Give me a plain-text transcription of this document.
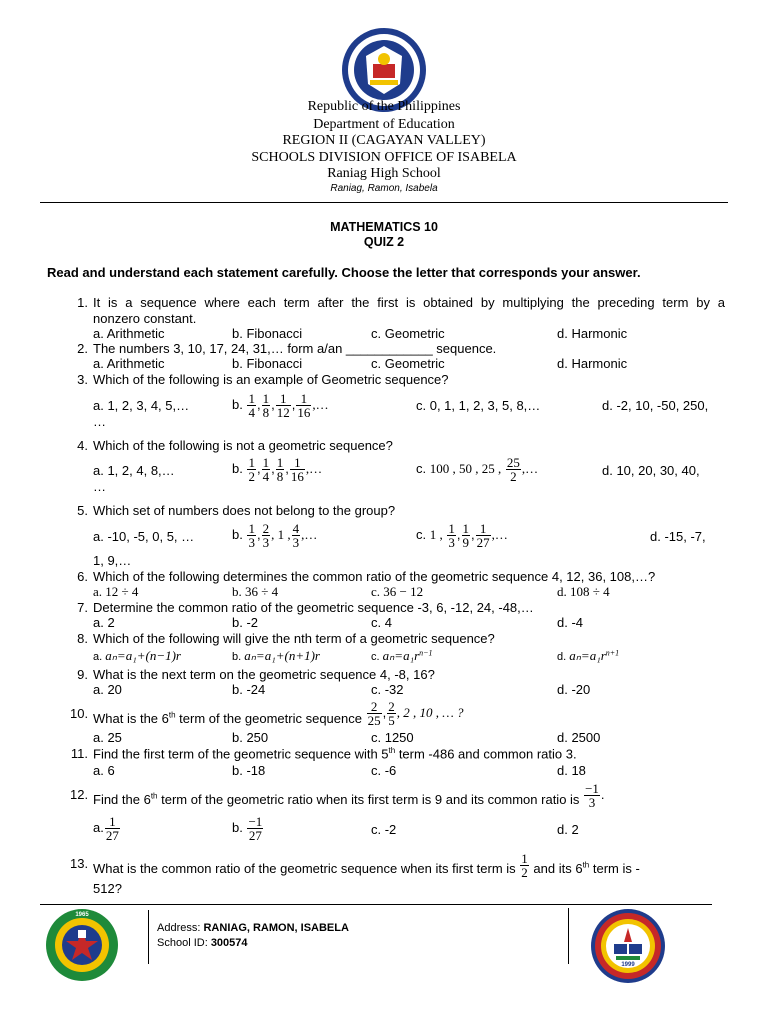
Republic of the Philippines
Department of Education
REGION II (CAGAYAN VALLEY)
SCHOOLS DIVISION OFFICE OF ISABELA
Raniag High School
Raniag, Ramon, Isabela
MATHEMATICS 10
QUIZ 2
Read and understand each statement carefully. Choose the letter that corresponds your answer.
1. It is a sequence where each term after the first is obtained by multiplying the preceding term by a
nonzero constant.
a. Arithmetic	b. Fibonacci	c. Geometric	d. Harmonic
2. The numbers 3, 10, 17, 24, 31,… form a/an ____________ sequence.
a. Arithmetic	b. Fibonacci	c. Geometric	d. Harmonic
3. Which of the following is an example of Geometric sequence?
a. 1, 2, 3, 4, 5,…	b. $\frac{1}{4}$ , $\frac{1}{8}$ , $\frac{1}{12}$ , $\frac{1}{16}$ ,…	c. 0, 1, 1, 2, 3, 5, 8,…	d. -2, 10, -50, 250,
…
4. Which of the following is not a geometric sequence?
a. 1, 2, 4, 8,…	b. $\frac{1}{2}$ , $\frac{1}{4}$ , $\frac{1}{8}$ , $\frac{1}{16}$ ,…	c. 100 , 50 , 25 , $\frac{25}{2}$ ,…	d. 10, 20, 30, 40,
…
5. Which set of numbers does not belong to the group?
a. -10, -5, 0, 5, …	b. $\frac{1}{3}$ , $\frac{2}{3}$ , 1 , $\frac{4}{3}$ ,…	c. 1 , $\frac{1}{3}$ , $\frac{1}{9}$ , $\frac{1}{27}$ ,…	d. -15, -7,
1, 9,…
6. Which of the following determines the common ratio of the geometric sequence 4, 12, 36, 108,…?
a. 12 ÷ 4	b. 36 ÷ 4	c. 36 − 12	d. 108 ÷ 4
7. Determine the common ratio of the geometric sequence -3, 6, -12, 24, -48,…
a. 2	b. -2	c. 4	d. -4
8. Which of the following will give the nth term of a geometric sequence?
a. aₙ=a₁+(n−1)r	b. aₙ=a₁+(n+1)r	c. $a_n=a_1r^{n-1}$	d. $a_n=a_1r^{n+1}$
9. What is the next term on the geometric sequence 4, -8, 16?
a. 20	b. -24	c. -32	d. -20
10. What is the 6th term of the geometric sequence $\frac{2}{25}$ , $\frac{2}{5}$ , 2 , 10 , … ?
a. 25	b. 250	c. 1250	d. 2500
11. Find the first term of the geometric sequence with 5th term -486 and common ratio 3.
a. 6	b. -18	c. -6	d. 18
12. Find the 6th term of the geometric ratio when its first term is 9 and its common ratio is $\frac{-1}{3}$ .
a. $\frac{1}{27}$	b. $\frac{-1}{27}$	c. -2	d. 2
13. What is the common ratio of the geometric sequence when its first term is $\frac{1}{2}$ and its 6th term is -
512?
1965
Address: RANIAG, RAMON, ISABELA
School ID: 300574
1999
